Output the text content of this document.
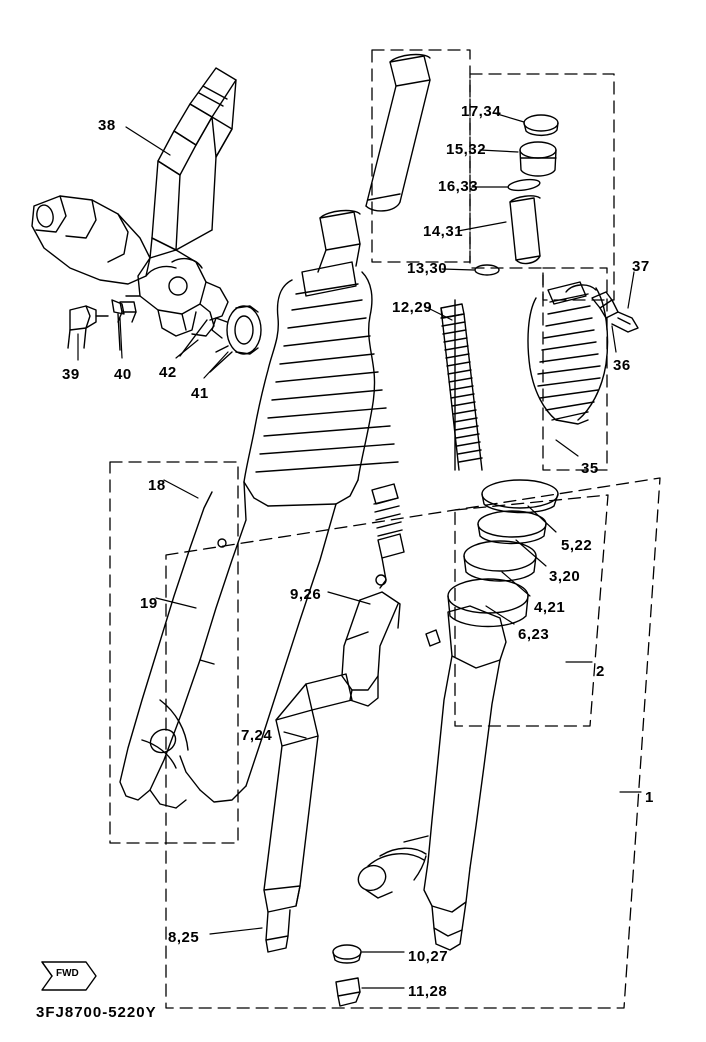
38
17,34
15,32
16,33
14,31
13,30
12,29
37
36
39 40 42
41
35
18
5,22
3,20
19
9,26
4,21
6,23
2
7,24
1
8,25
10,27
11,28
FWD
3FJ8700-5220Y
